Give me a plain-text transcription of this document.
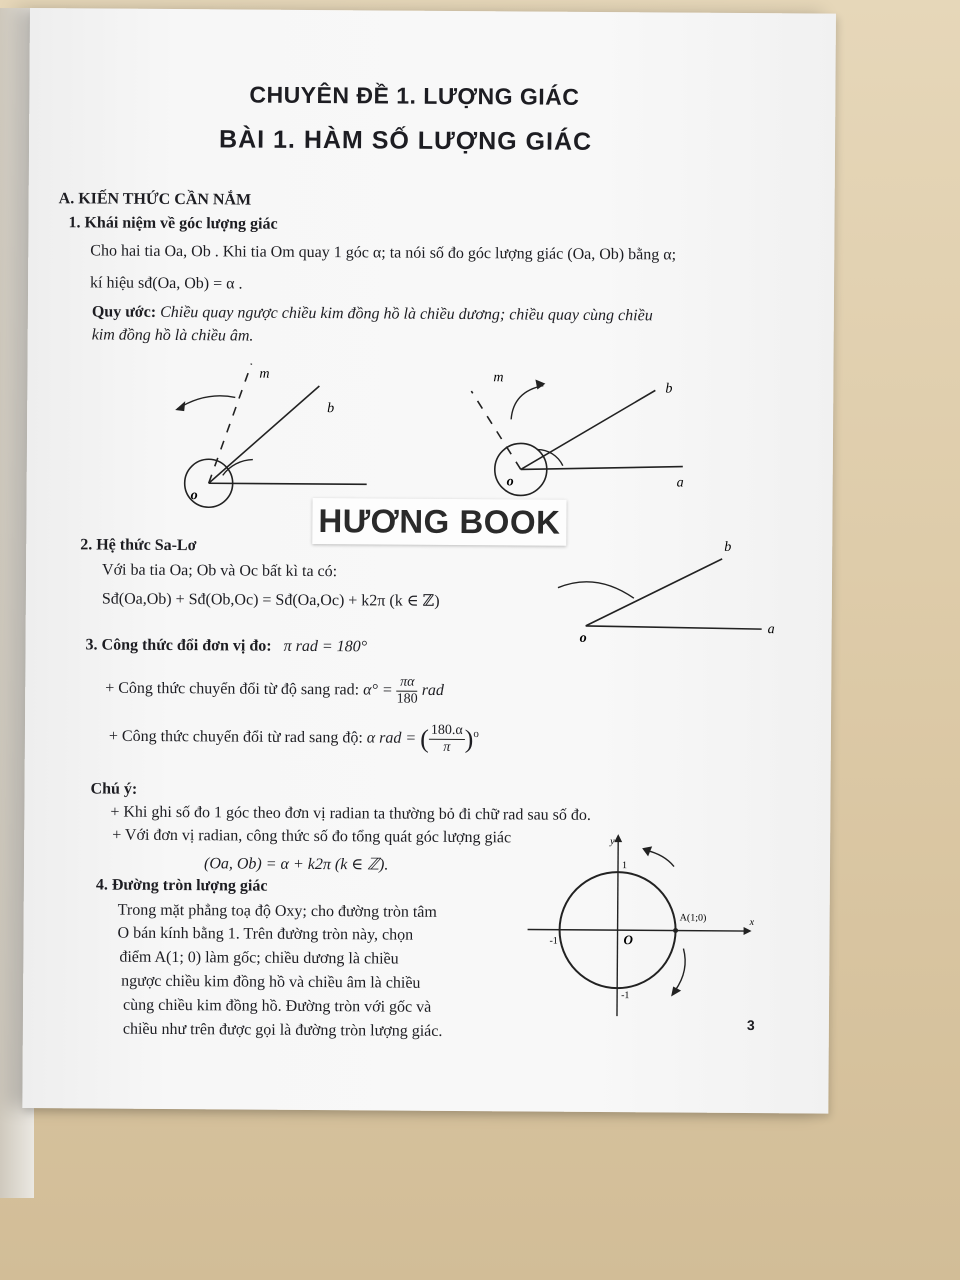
CHUYÊN ĐỀ 1. LƯỢNG GIÁC
BÀI 1. HÀM SỐ LƯỢNG GIÁC
A. KIẾN THỨC CẦN NẮM
1. Khái niệm về góc lượng giác
Cho hai tia Oa, Ob . Khi tia Om quay 1 góc α; ta nói số đo góc lượng giác (Oa, Ob) bằng α;
kí hiệu sđ(Oa, Ob) = α .
Quy ước: Chiều quay ngược chiều kim đồng hồ là chiều dương; chiều quay cùng chiều
kim đồng hồ là chiều âm.
m
b
o
m
b
o	a
HƯƠNG BOOK
2. Hệ thức Sa-Lơ
Với ba tia Oa; Ob và Oc bất kì ta có:
Sđ(Oa,Ob) + Sđ(Ob,Oc) = Sđ(Oa,Oc) + k2π (k ∈ ℤ)
b
o
a
3. Công thức đổi đơn vị đo: π rad = 180°
+ Công thức chuyển đổi từ độ sang rad: $\alpha^\circ = \frac{\pi\alpha}{180}$ rad
+ Công thức chuyển đổi từ rad sang độ: α rad = ( $\frac{180.\alpha}{\pi} )^o$
Chú ý:
+ Khi ghi số đo 1 góc theo đơn vị radian ta thường bỏ đi chữ rad sau số đo.
+ Với đơn vị radian, công thức số đo tổng quát góc lượng giác
(Oa, Ob) = α + k2π (k ∈ ℤ).
4. Đường tròn lượng giác
Trong mặt phẳng toạ độ Oxy; cho đường tròn tâm
O bán kính bằng 1. Trên đường tròn này, chọn
điểm A(1; 0) làm gốc; chiều dương là chiều
ngược chiều kim đồng hồ và chiều âm là chiều
cùng chiều kim đồng hồ. Đường tròn với gốc và
chiều như trên được gọi là đường tròn lượng giác.
y
x
O
A(1;0)
-1
1
-1
3
